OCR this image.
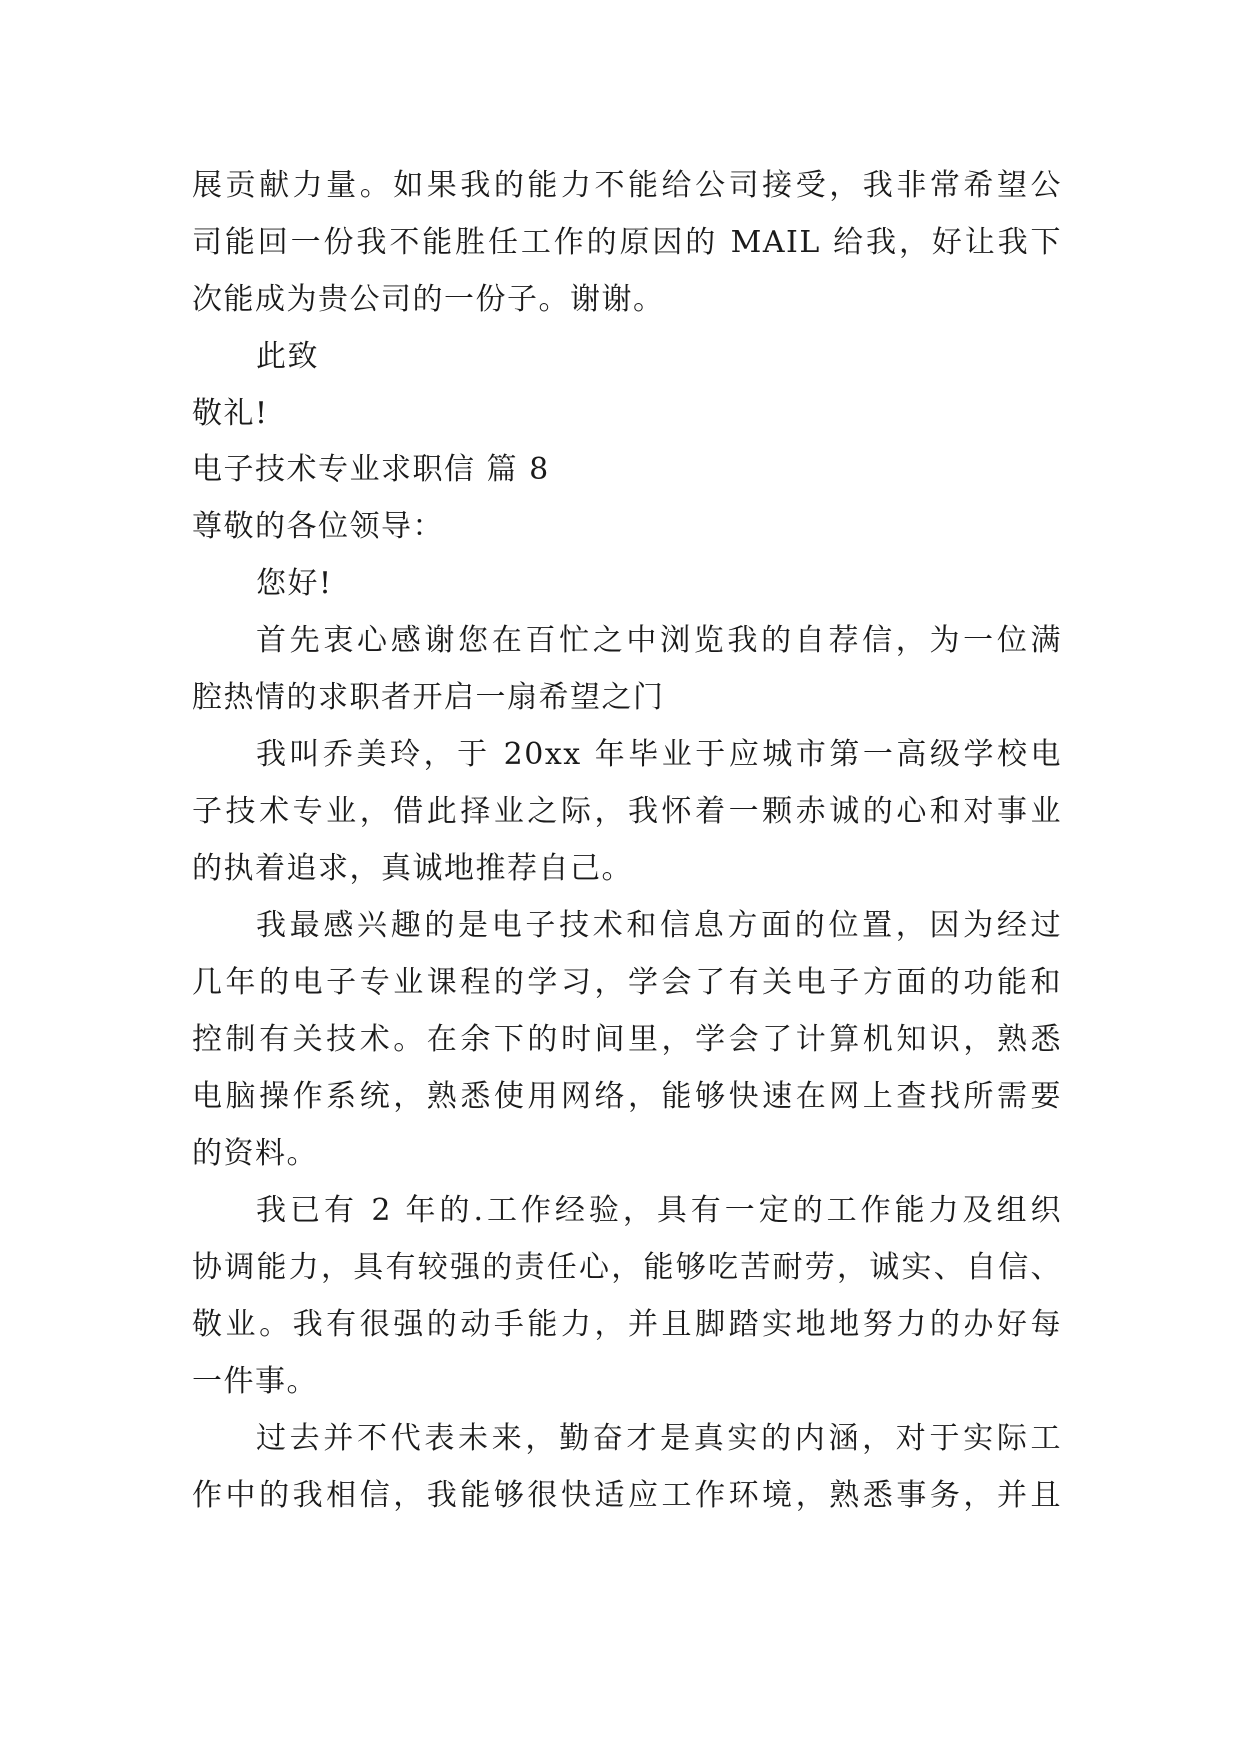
展贡献力量。如果我的能力不能给公司接受，我非常希望公
司能回一份我不能胜任工作的原因的 MAIL 给我，好让我下
次能成为贵公司的一份子。谢谢。
此致
敬礼!
电子技术专业求职信 篇 8
尊敬的各位领导：
您好!
首先衷心感谢您在百忙之中浏览我的自荐信，为一位满
腔热情的求职者开启一扇希望之门
我叫乔美玲，于 20xx 年毕业于应城市第一高级学校电
子技术专业，借此择业之际，我怀着一颗赤诚的心和对事业
的执着追求，真诚地推荐自己。
我最感兴趣的是电子技术和信息方面的位置，因为经过
几年的电子专业课程的学习，学会了有关电子方面的功能和
控制有关技术。在余下的时间里，学会了计算机知识，熟悉
电脑操作系统，熟悉使用网络，能够快速在网上查找所需要
的资料。
我已有 2 年的.工作经验，具有一定的工作能力及组织
协调能力，具有较强的责任心，能够吃苦耐劳，诚实、自信、
敬业。我有很强的动手能力，并且脚踏实地地努力的办好每
一件事。
过去并不代表未来，勤奋才是真实的内涵，对于实际工
作中的我相信，我能够很快适应工作环境，熟悉事务，并且
